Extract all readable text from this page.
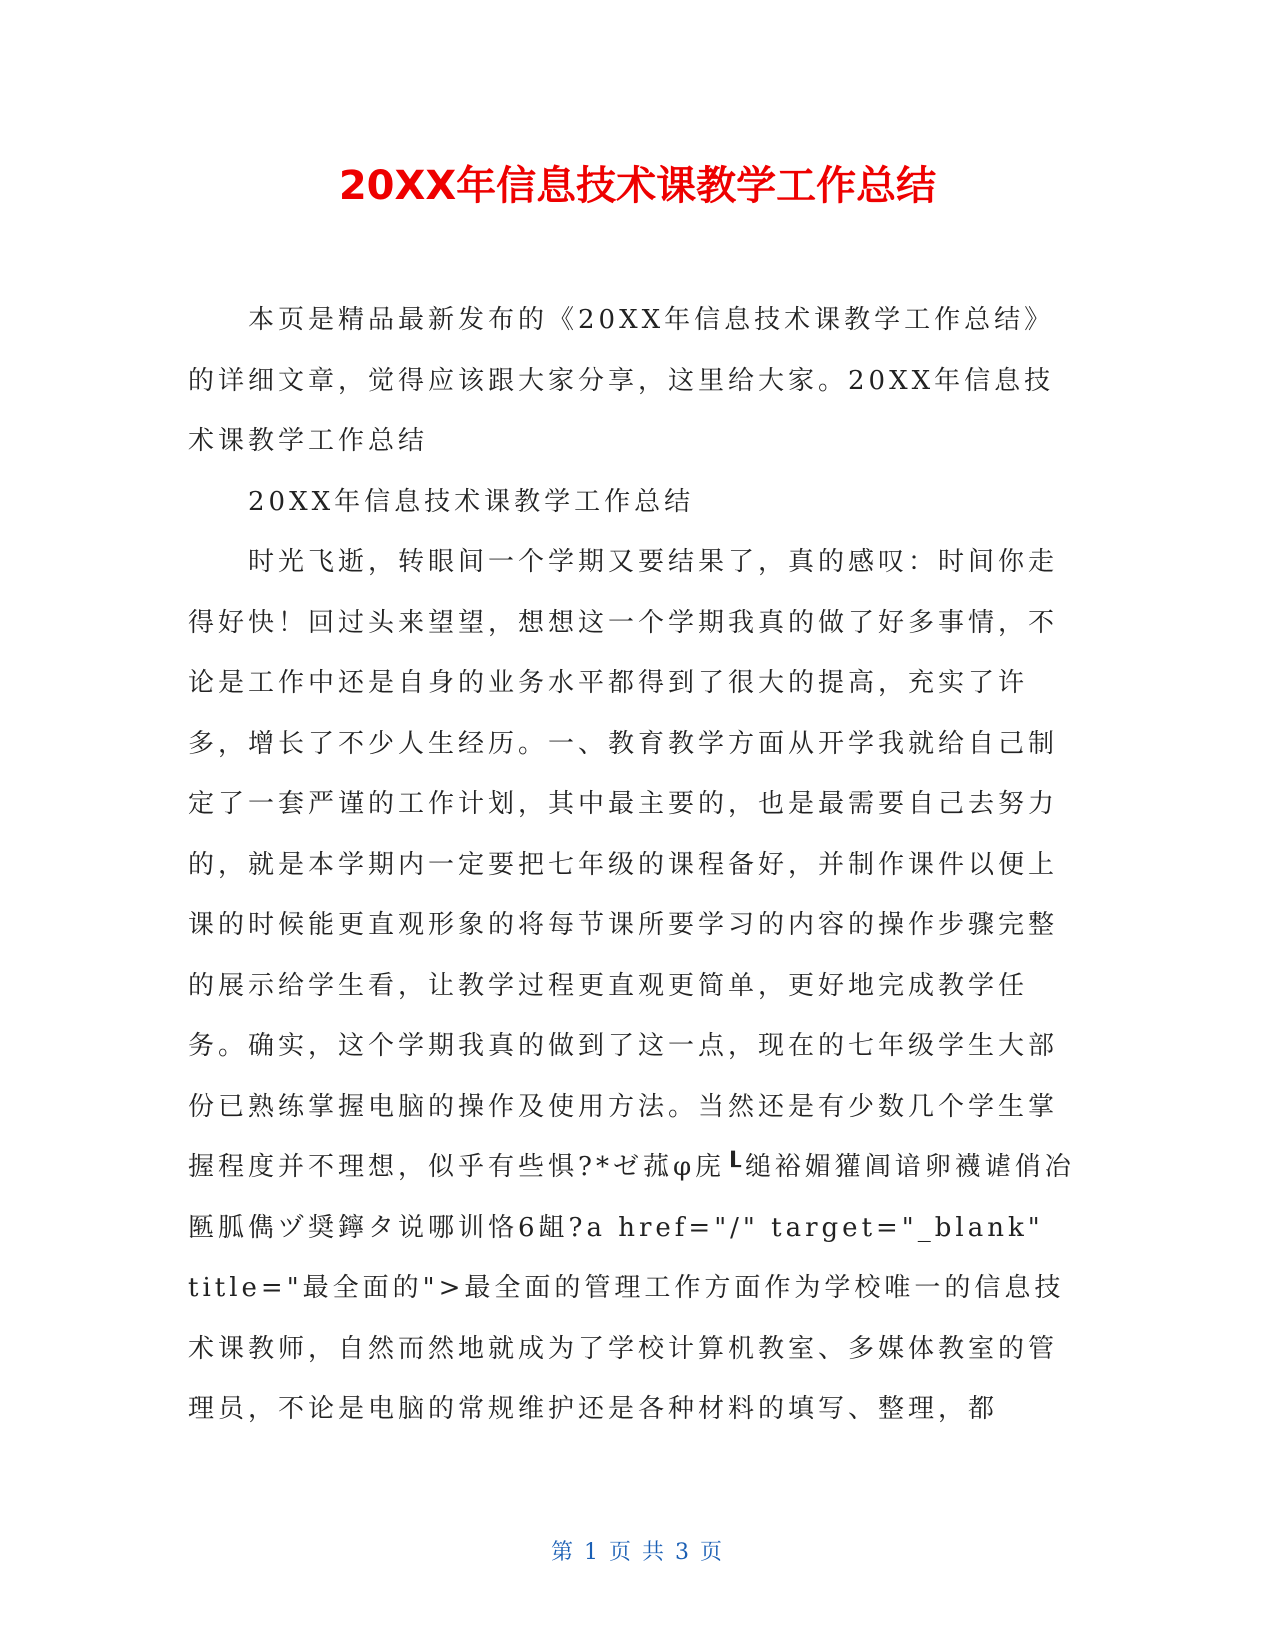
20XX年信息技术课教学工作总结

本页是精品最新发布的《20XX年信息技术课教学工作总结》的详细文章，觉得应该跟大家分享，这里给大家。20XX年信息技术课教学工作总结

20XX年信息技术课教学工作总结

时光飞逝，转眼间一个学期又要结果了，真的感叹：时间你走得好快！回过头来望望，想想这一个学期我真的做了好多事情，不论是工作中还是自身的业务水平都得到了很大的提高，充实了许多，增长了不少人生经历。一、教育教学方面从开学我就给自己制定了一套严谨的工作计划，其中最主要的，也是最需要自己去努力的，就是本学期内一定要把七年级的课程备好，并制作课件以便上课的时候能更直观形象的将每节课所要学习的内容的操作步骤完整的展示给学生看，让教学过程更直观更简单，更好地完成教学任务。确实，这个学期我真的做到了这一点，现在的七年级学生大部份已熟练掌握电脑的操作及使用方法。当然还是有少数几个学生掌握程度并不理想，似乎有些惧?*ゼ菰φ庑┖缒裕媚獾阊谙卵襪谑俏冶匦胍儁ヅ奨鑏タ说哪训恪6龃?a href="/" target="_blank"

title="最全面的">最全面的管理工作方面作为学校唯一的信息技术课教师，自然而然地就成为了学校计算机教室、多媒体教室的管理员，不论是电脑的常规维护还是各种材料的填写、整理，都

第 1 页 共 3 页
